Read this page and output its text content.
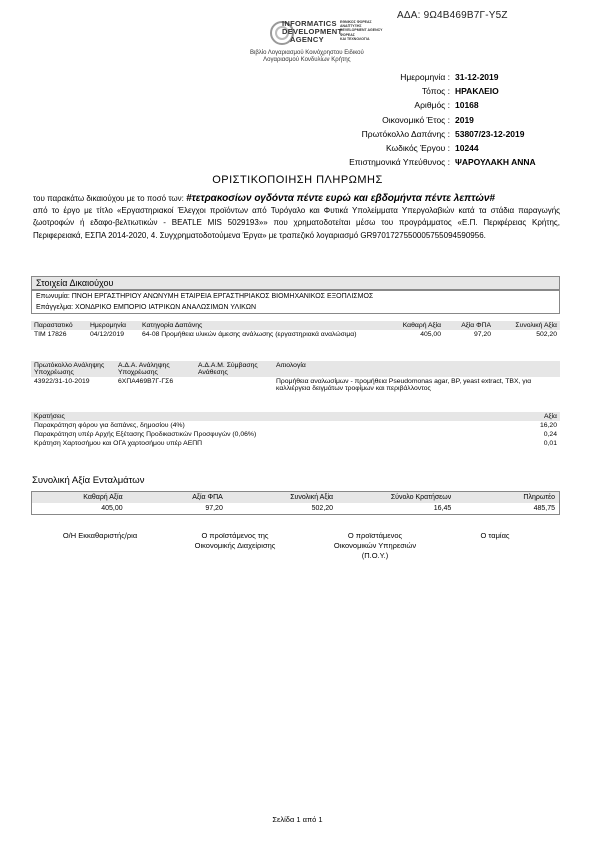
ΑΔΑ: 9Ω4Β469Β7Γ-Υ5Ζ
INFORMATICS
DEVELOPMENT
AGENCY
ΕΘΝΙΚΟΣ ΦΟΡΕΑΣ
ΑΝΑΠΤΥΞΗΣ
DEVELOPMENT AGENCY
ΦΟΡΕΑΣ
ΚΑΙ ΤΕΧΝΟΛΟΓΙΑ
Βιβλίο Λογαριασμού Κοινόχρηστου Ειδικού
Λογαριασμού Κονδυλίων Κρήτης
Ημερομηνία : 31-12-2019
Τόπος : ΗΡΑΚΛΕΙΟ
Αριθμός : 10168
Οικονομικό Έτος : 2019
Πρωτόκολλο Δαπάνης : 53807/23-12-2019
Κωδικός Έργου : 10244
Επιστημονικά Υπεύθυνος : ΨΑΡΟΥΛΑΚΗ ΑΝΝΑ
ΟΡΙΣΤΙΚΟΠΟΙΗΣΗ ΠΛΗΡΩΜΗΣ
του παρακάτω δικαιούχου με το ποσό των: #τετρακοσίων ογδόντα πέντε ευρώ και εβδομήντα πέντε λεπτών#
από το έργο με τίτλο «Εργαστηριακοί Έλεγχοι προϊόντων από Τυρόγαλο και Φυτικά Υπολείμματα Υπεργολαβιών κατά τα στάδια παραγωγής ζωοτροφών ή εδαφο-βελτιωτικών - BEATLE MIS 5029193»» που χρηματοδοτείται μέσω του προγράμματος «Ε.Π. Περιφέρειας Κρήτης, Περιφερειακά, ΕΣΠΑ 2014-2020, 4. Συγχρηματοδοτούμενα Έργα» με τραπεζικό λογαριασμό GR9701727550005755094590956.
Στοιχεία Δικαιούχου
Επωνυμία: ΠΝΟΗ ΕΡΓΑΣΤΗΡΙΟΥ ΑΝΩΝΥΜΗ ΕΤΑΙΡΕΙΑ ΕΡΓΑΣΤΗΡΙΑΚΟΣ ΒΙΟΜΗΧΑΝΙΚΟΣ ΕΞΟΠΛΙΣΜΟΣ
Επάγγελμα: ΧΟΝΔΡΙΚΟ ΕΜΠΟΡΙΟ ΙΑΤΡΙΚΩΝ ΑΝΑΛΩΣΙΜΩΝ ΥΛΙΚΩΝ
Παραστατικό	Ημερομηνία	Κατηγορία Δαπάνης	Καθαρή Αξία	Αξία ΦΠΑ	Συνολική Αξία
ΤΙΜ 17826	04/12/2019	64-08 Προμήθεια υλικών άμεσης ανάλωσης (εργαστηριακά αναλώσιμα)	405,00	97,20	502,20
Πρωτόκολλο Ανάληψης Υποχρέωσης	Α.Δ.Α. Ανάληψης Υποχρέωσης	Α.Δ.Α.Μ. Σύμβασης Ανάθεσης	Αιτιολογία
43922/31-10-2019	6ΧΠΑ469Β7Γ-ΓΣ6		Προμήθεια αναλωσίμων - προμήθεια Pseudomonas agar, BP, yeast extract, TBX, για καλλιέργεια δειγμάτων τροφίμων και περιβάλλοντος
Κρατήσεις	Αξία
Παρακράτηση φόρου για δαπάνες, δημοσίου (4%)	16,20
Παρακράτηση υπέρ Αρχής Εξέτασης Προδικαστικών Προσφυγών (0,06%)	0,24
Κράτηση Χαρτοσήμου και ΟΓΑ χαρτοσήμου υπέρ ΑΕΠΠ	0,01
Συνολική Αξία Ενταλμάτων
Καθαρή Αξία	Αξία ΦΠΑ	Συνολική Αξία	Σύνολο Κρατήσεων	Πληρωτέο
405,00	97,20	502,20	16,45	485,75
Ο/Η Εκκαθαριστής/ρια	Ο προϊστάμενος της
Οικονομικής Διαχείρισης
Ο προϊστάμενος
Οικονομικών Υπηρεσιών
(Π.Ο.Υ.)
Ο ταμίας
Σελίδα 1 από 1
